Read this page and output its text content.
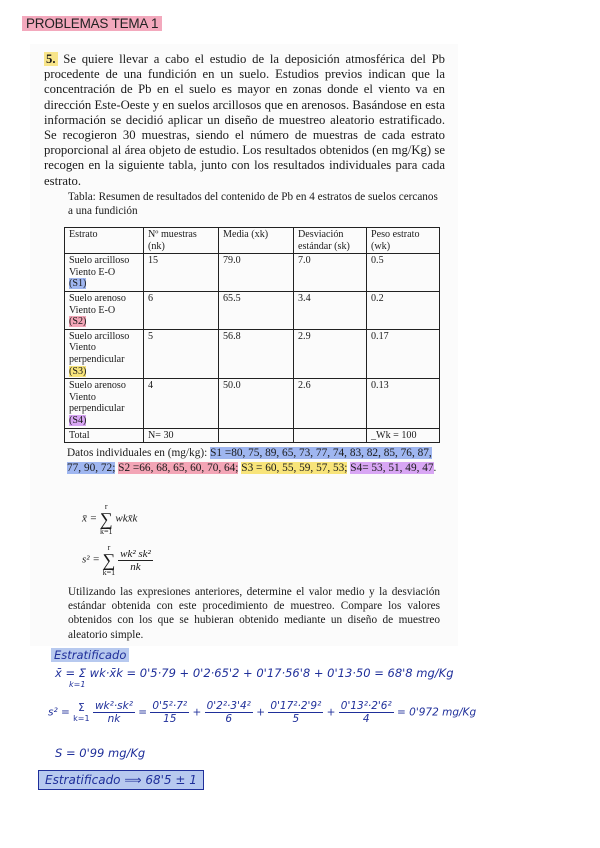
PROBLEMAS TEMA 1
5. Se quiere llevar a cabo el estudio de la deposición atmosférica del Pb procedente de una fundición en un suelo. Estudios previos indican que la concentración de Pb en el suelo es mayor en zonas donde el viento va en dirección Este-Oeste y en suelos arcillosos que en arenosos. Basándose en esta información se decidió aplicar un diseño de muestreo aleatorio estratificado. Se recogieron 30 muestras, siendo el número de muestras de cada estrato proporcional al área objeto de estudio. Los resultados obtenidos (en mg/Kg) se recogen en la siguiente tabla, junto con los resultados individuales para cada estrato.
Tabla: Resumen de resultados del contenido de Pb en 4 estratos de suelos cercanos a una fundición
Estrato	Nº muestras (nk)	Media (xk)	Desviación estándar (sk)	Peso estrato (wk)
Suelo arcilloso Viento E-O
(S1)	15	79.0	7.0	0.5
Suelo arenoso Viento E-O
(S2)	6	65.5	3.4	0.2
Suelo arcilloso Viento perpendicular
(S3)	5	56.8	2.9	0.17
Suelo arenoso Viento perpendicular
(S4)	4	50.0	2.6	0.13
Total	N= 30			_Wk = 100
Datos individuales en (mg/kg): S1 =80, 75, 89, 65, 73, 77, 74, 83, 82, 85, 76, 87, 77, 90, 72; S2 =66, 68, 65, 60, 70, 64; S3 = 60, 55, 59, 57, 53; S4= 53, 51, 49, 47.
x̄ =
r
∑
k=1
wkx̄k
s² =
r
∑
k=1
$\frac{\text{wk² sk²}}{nk}$
Utilizando las expresiones anteriores, determine el valor medio y la desviación estándar obtenida con este procedimiento de muestreo. Compare los valores obtenidos con los que se hubieran obtenido mediante un diseño de muestreo aleatorio simple.
Estratificado
x̄ = Σ wk·x̄k = 0'5·79 + 0'2·65'2 + 0'17·56'8 + 0'13·50 = 68'8 mg/Kg
k=1
s² = Σ
k=1
$\frac{\text{wk²·sk²}}{nk} = \frac{\text{0'5²·7²}}{15} + \frac{\text{0'2²·3'4²}}{6} + \frac{\text{0'17²·2'9²}}{5} + \frac{\text{0'13²·2'6²}}{4} = 0'972$ mg/Kg
S = 0'99 mg/Kg
Estratificado ⟹ 68'5 ± 1
